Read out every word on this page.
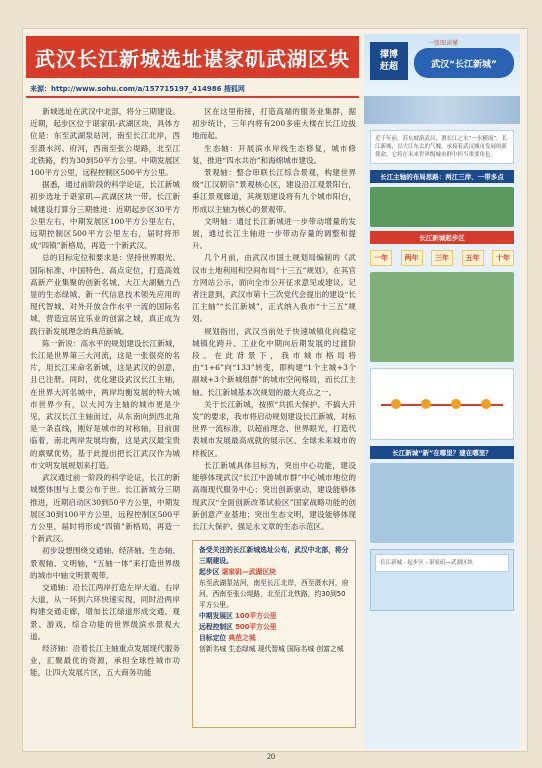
武汉长江新城选址谌家矶武湖区块
来源：http://www.sohu.com/a/157715197_414986 搜狐网

新城选址在武汉中北部，将分三期建设。近期，起步区位于谌家矶-武湖区块，具体方位是：东至武湖泵站河，南至长江北岸，西至滠水河、府河，西南至张公堤路，北至江北铁路，约为30到50平方公里。中期发展区100平方公里，远程控制区500平方公里。

据悉，通过前阶段的科学论证，长江新城初步选址于谌家矶—武湖区块一带。长江新城建设打算分三期推进：近期起步区30平方公里左右，中期发展区100平方公里左右，远期控制区500平方公里左右，届时将形成“四镇”新格局，再造一个新武汉。

总的目标定位和要求是：坚持世界眼光、国际标准、中国特色、高点定位，打造高效高新产业集聚的创新名城、大江大湖魅力凸显的生态绿城、新一代信息技术领先应用的现代智城、对外开放合作水平一流的国际名城，营造宜居宜乐业的创富之城，真正成为践行新发展理念的典范新城。

陈一新说：高水平的规划建设长江新城，长江是世界第三大河流，这是一张很亮的名片，用长江来命名新城，这是武汉的创意，且已注册。同时，优化建设武汉长江主轴，在世界大河名城中，两岸均衡发展的特大城市世界少有，以大河为主轴的城市更是少见，武汉长江主轴而过，从东南向到西北角是一条直线，刚好是城市的对称轴，目前面临着，南北两岸发展均衡，这是武汉最宝贵的禀赋优势，基于此提出把长江武汉作为城市文明发展规划来打造。

武汉通过前一阶段的科学论证，长江的新城整体围与上要公布于世。长江新城分三期推进，近期启动区30到50平方公里，中期发展区30到100平方公里，远程控制区500平方公里，届时将形成“四镇”新格局，再造一个新武汉。

初步设想围绕交通轴、经济轴、生态轴、景观轴、文明轴，“五轴一体”来打造世界级的城市中轴文明景观带。

交通轴：沿长江两岸打造左岸大道、右岸大道，从一环到六环快速实现，同时沿两岸构建交通走廊，增加长江绿道形成交通、观景、游戏，综合功能的世界级滨水景观大道。

经济轴：沿着长江主轴重点发展现代服务业，汇聚最优的资源，承担全球性城市功能，让四大发展片区，五大商务功能

区在这里衔接，打造高端的服务业集群，据初步统计，三年内将有200多座大楼在长江边拔地而起。

生态轴：开展滨水岸线生态修复，城市修复，推进“四水共治”和海绵城市建设。

景观轴：整合串联长江综合景观，构建世界级“江汉朝宗”景观核心区，建设沿江观景阳台，垂江景观廊道，其规划建设将有九个城市阳台，形成以主轴为核心的景观带。

文明轴：通过长江新城进一步带动增量的发展，通过长江主轴进一步带动存量的调整和提升。

几个月前，由武汉市国土规划局编制的《武汉市土地利用和空间布局“十三五”规划》，在其官方网站公示，面向全市公开征求意见或建议。记者注意到，武汉市第十三次党代会提出的建设“长江主轴”“长江新城”，正式纳入我市“十三五”规划。

规划指出，武汉当前处于快速城镇化向稳定城镇化跨升、工业化中期向后期发展的过渡阶段。在此背景下，我市城市格局将由“1+6”向“133”转变，即构建“1个主城+3个副城+3个新城组群”的城市空间格局，而长江主轴、长江新城基本次规划的最大亮点之一。

关于长江新城，按照“共抓大保护、不搞大开发”的要求，我市将启动规划建设长江新城，对标世界一流标准，以超前理念、世界眼光，打造代表城市发展最高成就的展示区、全球未来城市的样板区。

长江新城具体目标为，突出中心功能，建设能够体现武汉“长江中游城市群”中心城市地位的高端现代服务中心；突出创新驱动，建设能够体现武汉“全面创新改革试验区”国家战略功能的创新创意产业基地；突出生态文明，建设能够体现长江大保护、强足永文章的生态示范区。

备受关注的长江新城选址公布，武汉中北部，将分三期建设。

起步区 谌家矶—武湖区块

东至武湖泵站河，南至长江北岸，西至滠水河，府河，西南至张公堤路，北至江北铁路，约30到50平方公里。

中期发展区 100平方公里

远程控制区 500平方公里

目标定位 典范之城

创新名城 生态绿城 现代智城 国际名城 创富之城

撑博
赶超
一张图读懂
武汉“长江新城”
近千年前，苏东坡游武昌，谓长江之水“一水横流”。长江新城，以大江东去的气魄，承接着武汉城市发展的新使命，它将在未来世界级城市群中担当重要角色。
长江主轴的布局思路：两江三岸、一带多点
长江新城起步区
一年	两年	三年	五年	十年
长江新城“新”在哪里？建在哪里？
长江新城 · 起步区 · 谌家矶—武湖区块
20
